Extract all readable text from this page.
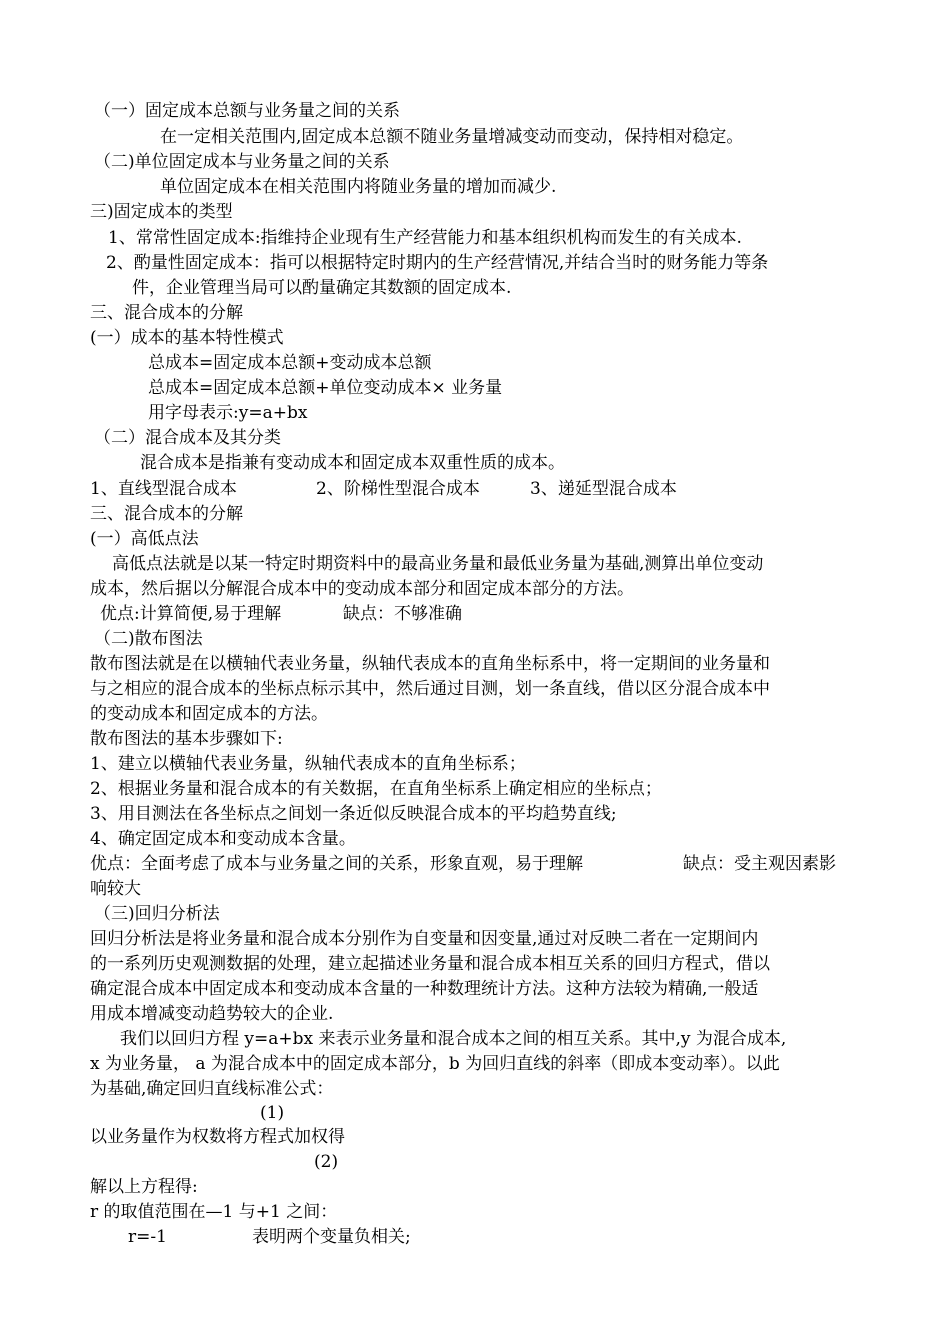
（一）固定成本总额与业务量之间的关系
在一定相关范围内,固定成本总额不随业务量增减变动而变动，保持相对稳定。
（二)单位固定成本与业务量之间的关系
单位固定成本在相关范围内将随业务量的增加而减少.
三)固定成本的类型
1、常常性固定成本:指维持企业现有生产经营能力和基本组织机构而发生的有关成本.
2、酌量性固定成本：指可以根据特定时期内的生产经营情况,并结合当时的财务能力等条
件，企业管理当局可以酌量确定其数额的固定成本.
三、混合成本的分解
(一）成本的基本特性模式
总成本=固定成本总额+变动成本总额
总成本=固定成本总额+单位变动成本× 业务量
用字母表示:y=a+bx
（二）混合成本及其分类
混合成本是指兼有变动成本和固定成本双重性质的成本。
1、直线型混合成本	2、阶梯性型混合成本	3、递延型混合成本
三、混合成本的分解
(一）高低点法
高低点法就是以某一特定时期资料中的最高业务量和最低业务量为基础,测算出单位变动
成本，然后据以分解混合成本中的变动成本部分和固定成本部分的方法。
优点:计算简便,易于理解	缺点：不够准确
（二)散布图法
散布图法就是在以横轴代表业务量，纵轴代表成本的直角坐标系中，将一定期间的业务量和
与之相应的混合成本的坐标点标示其中，然后通过目测，划一条直线，借以区分混合成本中
的变动成本和固定成本的方法。
散布图法的基本步骤如下:
1、建立以横轴代表业务量，纵轴代表成本的直角坐标系；
2、根据业务量和混合成本的有关数据，在直角坐标系上确定相应的坐标点；
3、用目测法在各坐标点之间划一条近似反映混合成本的平均趋势直线;
4、确定固定成本和变动成本含量。
优点：全面考虑了成本与业务量之间的关系，形象直观，易于理解	缺点：受主观因素影
响较大
（三)回归分析法
回归分析法是将业务量和混合成本分别作为自变量和因变量,通过对反映二者在一定期间内
的一系列历史观测数据的处理，建立起描述业务量和混合成本相互关系的回归方程式，借以
确定混合成本中固定成本和变动成本含量的一种数理统计方法。这种方法较为精确,一般适
用成本增减变动趋势较大的企业.
我们以回归方程 y=a+bx 来表示业务量和混合成本之间的相互关系。其中,y 为混合成本,
x 为业务量， a 为混合成本中的固定成本部分，b 为回归直线的斜率（即成本变动率）。以此
为基础,确定回归直线标准公式：
(1)
以业务量作为权数将方程式加权得
(2)
解以上方程得:
r 的取值范围在—1 与+1 之间：
r=-1	表明两个变量负相关;
